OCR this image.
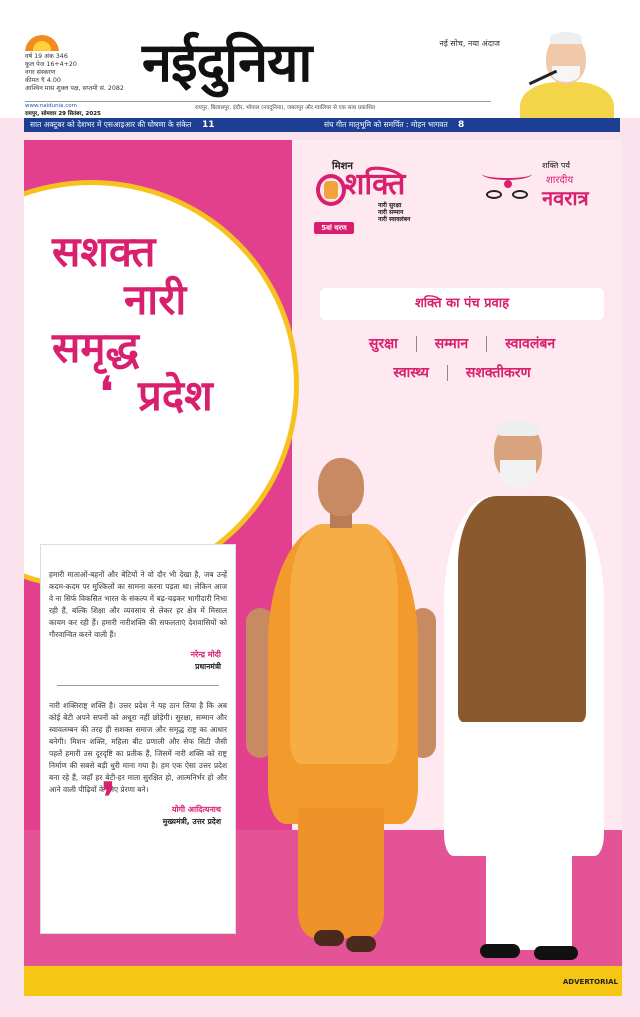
वर्ष 19 अंक 346
कुल पेज 16+4+20
नगर संस्करण
कीमत ₹ 4.00
आश्विन मास शुक्ल पक्ष, सप्तमी सं. 2082 नईदुनिया	नई सोच, नया अंदाज
www.naidunia.com
रायपुर, सोमवार 29 सितंबर, 2025
रायपुर, बिलासपुर, इंदौर, भोपाल (नवदुनिया), जबलपुर और ग्वालियर से एक साथ प्रकाशित
सात अक्टूबर को देशभर में एसआइआर की घोषणा के संकेत 11	संघ गीत मातृभूमि को समर्पित : मोहन भागवत 8
सशक्त
नारी
समृद्ध
प्रदेश
मिशन
शक्ति
नारी सुरक्षा
नारी सम्मान
नारी स्वावलंबन
5वां चरण
शक्ति पर्व
शारदीय
नवरात्र
शक्ति का पंच प्रवाह
सुरक्षा	सम्मान	स्वावलंबन
स्वास्थ्य	सशक्तीकरण

हमारी माताओं-बहनों और बेटियों ने वो दौर भी देखा है, जब उन्हें कदम-कदम पर मुश्किलों का सामना करना पड़ता था। लेकिन आज वे ना सिर्फ विकसित भारत के संकल्प में बढ़-चढ़कर भागीदारी निभा रही हैं, बल्कि शिक्षा और व्यवसाय से लेकर हर क्षेत्र में मिसाल कायम कर रही हैं। हमारी नारीशक्ति की सफलताएं देशवासियों को गौरवान्वित करने वाली हैं।

नरेन्द्र मोदी
प्रधानमंत्री

नारी शक्तिराष्ट्र शक्ति है। उत्तर प्रदेश ने यह ठान लिया है कि अब कोई बेटी अपने सपनों को अधूरा नहीं छोड़ेगी। सुरक्षा, सम्मान और स्वावलम्बन की तरह ही सशक्त समाज और समृद्ध राष्ट्र का आधार बनेगी। मिशन शक्ति, महिला बीट प्रणाली और सेफ सिटी जैसी पहलें हमारी उस दूरदृष्टि का प्रतीक हैं, जिसमें नारी शक्ति को राष्ट्र निर्माण की सबसे बड़ी धुरी माना गया है। हम एक ऐसा उत्तर प्रदेश बना रहे हैं, जहाँ हर बेटी-हर माता सुरक्षित हो, आत्मनिर्भर हो और आने वाली पीढ़ियों के लिए प्रेरणा बने।

योगी आदित्यनाथ
मुख्यमंत्री, उत्तर प्रदेश
ADVERTORIAL
❛
❜
